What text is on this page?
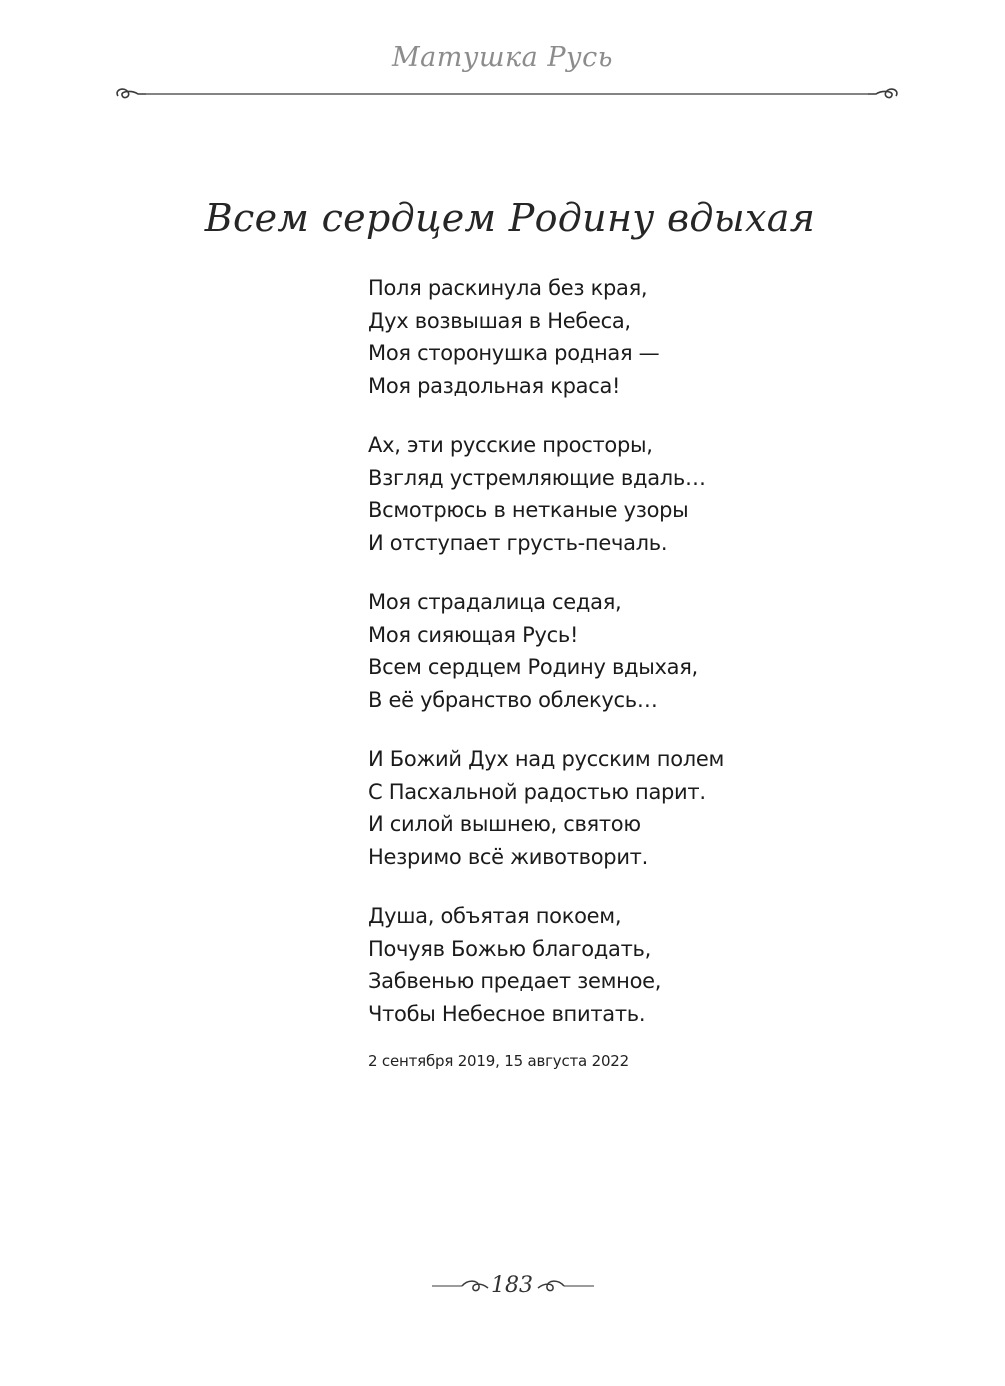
Матушка Русь
Всем сердцем Родину вдыхая
Поля раскинула без края,
Дух возвышая в Небеса,
Моя сторонушка родная —
Моя раздольная краса!
Ах, эти русские просторы,
Взгляд устремляющие вдаль…
Всмотрюсь в нетканые узоры
И отступает грусть-печаль.
Моя страдалица седая,
Моя сияющая Русь!
Всем сердцем Родину вдыхая,
В её убранство облекусь…
И Божий Дух над русским полем
С Пасхальной радостью парит.
И силой вышнею, святою
Незримо всё животворит.
Душа, объятая покоем,
Почуяв Божью благодать,
Забвенью предает земное,
Чтобы Небесное впитать.
2 сентября 2019, 15 августа 2022
183
